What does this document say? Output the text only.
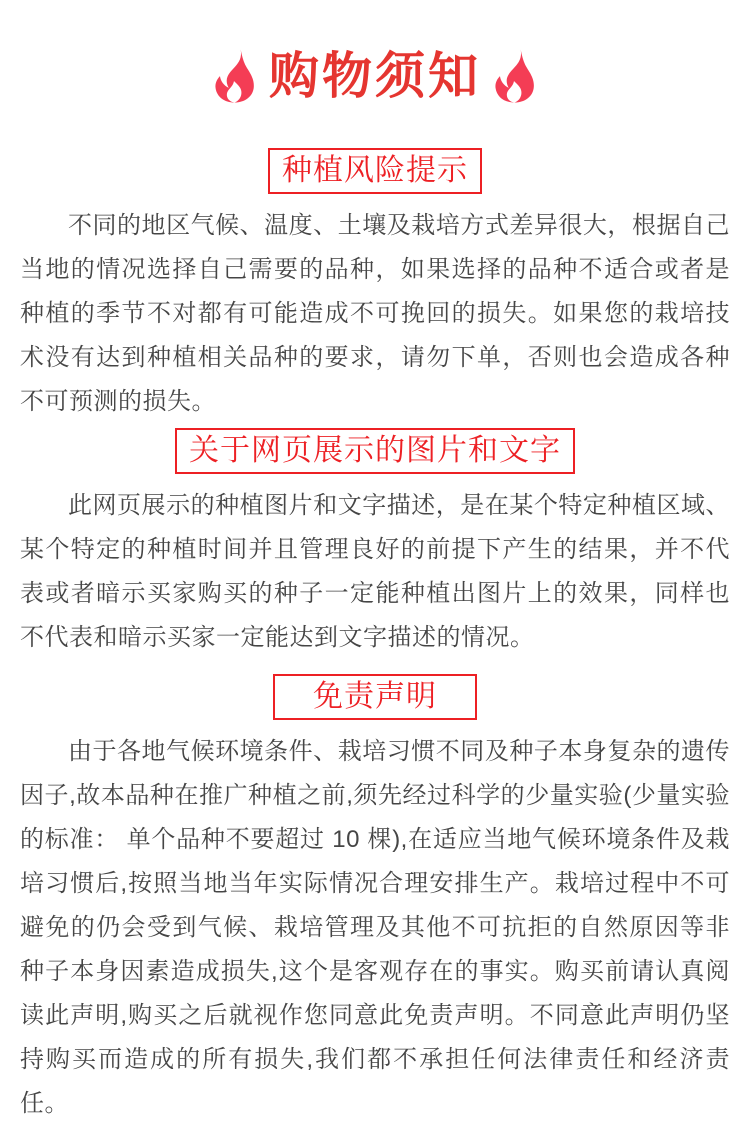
购物须知
种植风险提示

不同的地区气候、温度、土壤及栽培方式差异很大，根据自己当地的情况选择自己需要的品种，如果选择的品种不适合或者是种植的季节不对都有可能造成不可挽回的损失。如果您的栽培技术没有达到种植相关品种的要求，请勿下单，否则也会造成各种不可预测的损失。

关于网页展示的图片和文字

此网页展示的种植图片和文字描述，是在某个特定种植区域、某个特定的种植时间并且管理良好的前提下产生的结果，并不代表或者暗示买家购买的种子一定能种植出图片上的效果，同样也不代表和暗示买家一定能达到文字描述的情况。

免责声明

由于各地气候环境条件、栽培习惯不同及种子本身复杂的遗传因子,故本品种在推广种植之前,须先经过科学的少量实验(少量实验的标准： 单个品种不要超过 10 棵),在适应当地气候环境条件及栽培习惯后,按照当地当年实际情况合理安排生产。栽培过程中不可避免的仍会受到气候、栽培管理及其他不可抗拒的自然原因等非种子本身因素造成损失,这个是客观存在的事实。购买前请认真阅读此声明,购买之后就视作您同意此免责声明。不同意此声明仍坚持购买而造成的所有损失,我们都不承担任何法律责任和经济责任。
